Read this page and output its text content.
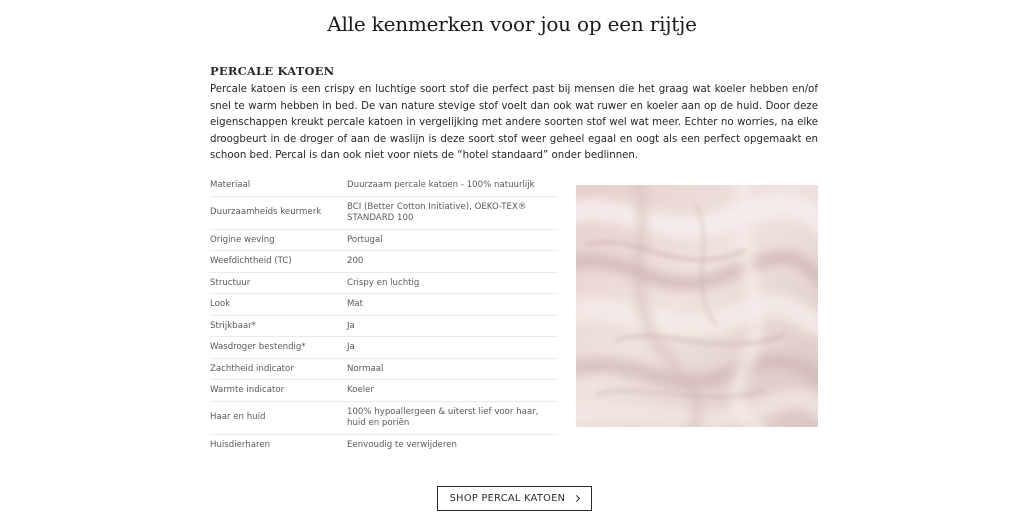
Alle kenmerken voor jou op een rijtje
PERCALE KATOEN

Percale katoen is een crispy en luchtige soort stof die perfect past bij mensen die het graag wat koeler hebben en/of snel te warm hebben in bed. De van nature stevige stof voelt dan ook wat ruwer en koeler aan op de huid. Door deze eigenschappen kreukt percale katoen in vergelijking met andere soorten stof wel wat meer. Echter no worries, na elke droogbeurt in de droger of aan de waslijn is deze soort stof weer geheel egaal en oogt als een perfect opgemaakt en schoon bed. Percal is dan ook niet voor niets de “hotel standaard” onder bedlinnen.

Materiaal	Duurzaam percale katoen - 100% natuurlijk
Duurzaamheids keurmerk	BCI (Better Cotton Initiative), OEKO-TEX® STANDARD 100
Origine weving	Portugal
Weefdichtheid (TC)	200
Structuur	Crispy en luchtig
Look	Mat
Strijkbaar*	Ja
Wasdroger bestendig*	Ja
Zachtheid indicator	Normaal
Warmte indicator	Koeler
Haar en huid	100% hypoallergeen & uiterst lief voor haar, huid en poriën
Huisdierharen	Eenvoudig te verwijderen
SHOP PERCAL KATOEN
